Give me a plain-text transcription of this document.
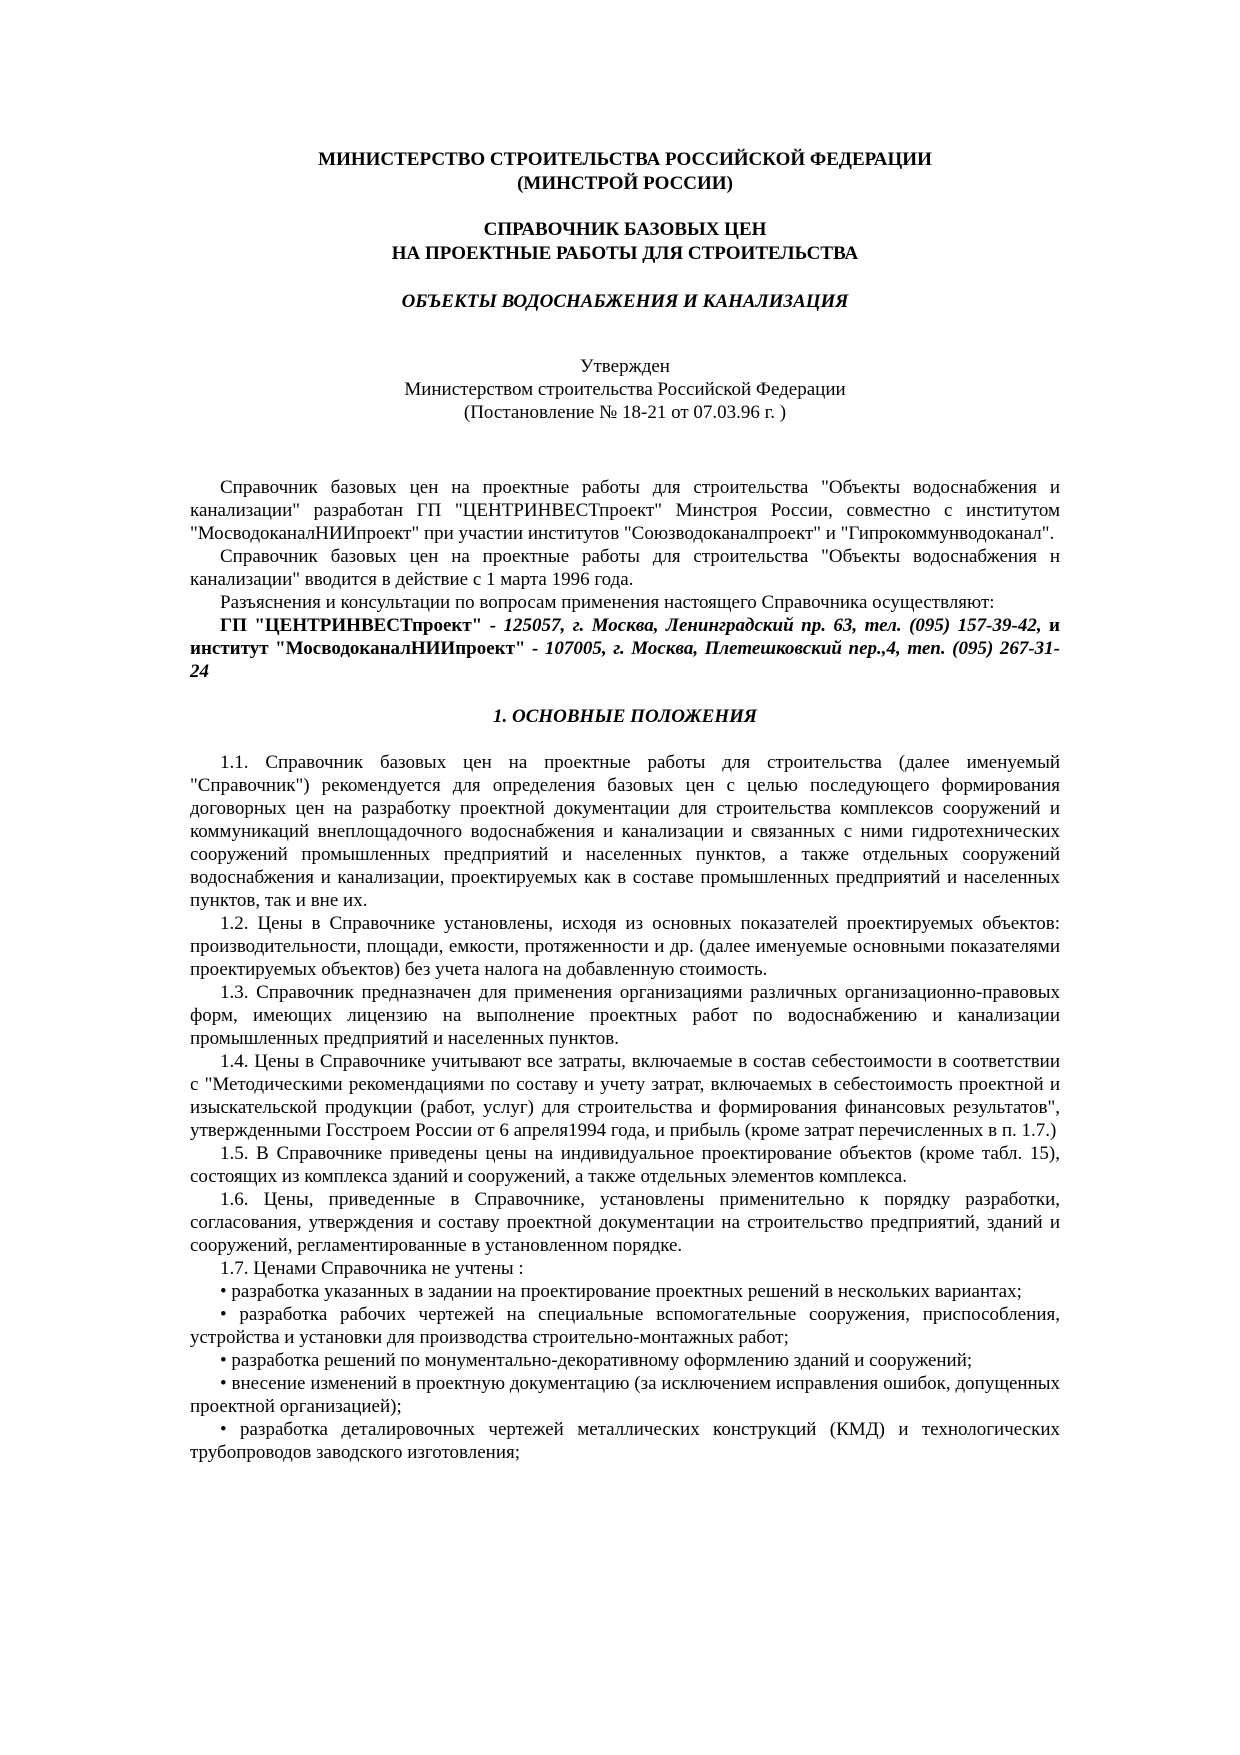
МИНИСТЕРСТВО СТРОИТЕЛЬСТВА РОССИЙСКОЙ ФЕДЕРАЦИИ
(МИНСТРОЙ РОССИИ)
СПРАВОЧНИК БАЗОВЫХ ЦЕН
НА ПРОЕКТНЫЕ РАБОТЫ ДЛЯ СТРОИТЕЛЬСТВА
ОБЪЕКТЫ ВОДОСНАБЖЕНИЯ И КАНАЛИЗАЦИЯ
Утвержден
Министерством строительства Российской Федерации
(Постановление № 18-21 от 07.03.96 г. )

Справочник базовых цен на проектные работы для строительства "Объекты водоснабжения и канализации" разработан ГП "ЦЕНТРИНВЕСТпроект" Минстроя России, совместно с институтом "МосводоканалНИИпроект" при участии институтов "Союзводоканалпроект" и "Гипрокоммунводоканал".

Справочник базовых цен на проектные работы для строительства "Объекты водоснабжения н канализации" вводится в действие с 1 марта 1996 года.

Разъяснения и консультации по вопросам применения настоящего Справочника осуществляют:

ГП "ЦЕНТРИНВЕСТпроект" - 125057, г. Москва, Ленинградский пр. 63, тел. (095) 157-39-42, и институт "МосводоканалНИИпроект" - 107005, г. Москва, Плетешковский пер.,4, теп. (095) 267-31-24

1. ОСНОВНЫЕ ПОЛОЖЕНИЯ

1.1. Справочник базовых цен на проектные работы для строительства (далее именуемый "Справочник") рекомендуется для определения базовых цен с целью последующего формирования договорных цен на разработку проектной документации для строительства комплексов сооружений и коммуникаций внеплощадочного водоснабжения и канализации и связанных с ними гидротехнических сооружений промышленных предприятий и населенных пунктов, а также отдельных сооружений водоснабжения и канализации, проектируемых как в составе промышленных предприятий и населенных пунктов, так и вне их.

1.2. Цены в Справочнике установлены, исходя из основных показателей проектируемых объектов: производительности, площади, емкости, протяженности и др. (далее именуемые основными показателями проектируемых объектов) без учета налога на добавленную стоимость.

1.3. Справочник предназначен для применения организациями различных организационно-правовых форм, имеющих лицензию на выполнение проектных работ по водоснабжению и канализации промышленных предприятий и населенных пунктов.

1.4. Цены в Справочнике учитывают все затраты, включаемые в состав себестоимости в соответствии с "Методическими рекомендациями по составу и учету затрат, включаемых в себестоимость проектной и изыскательской продукции (работ, услуг) для строительства и формирования финансовых результатов", утвержденными Госстроем России от 6 апреля1994 года, и прибыль (кроме затрат перечисленных в п. 1.7.)

1.5. В Справочнике приведены цены на индивидуальное проектирование объектов (кроме табл. 15), состоящих из комплекса зданий и сооружений, а также отдельных элементов комплекса.

1.6. Цены, приведенные в Справочнике, установлены применительно к порядку разработки, согласования, утверждения и составу проектной документации на строительство предприятий, зданий и сооружений, регламентированные в установленном порядке.

1.7. Ценами Справочника не учтены :

• разработка указанных в задании на проектирование проектных решений в нескольких вариантах;

• разработка рабочих чертежей на специальные вспомогательные сооружения, приспособления, устройства и установки для производства строительно-монтажных работ;

• разработка решений по монументально-декоративному оформлению зданий и сооружений;

• внесение изменений в проектную документацию (за исключением исправления ошибок, допущенных проектной организацией);

• разработка деталировочных чертежей металлических конструкций (КМД) и технологических трубопроводов заводского изготовления;
